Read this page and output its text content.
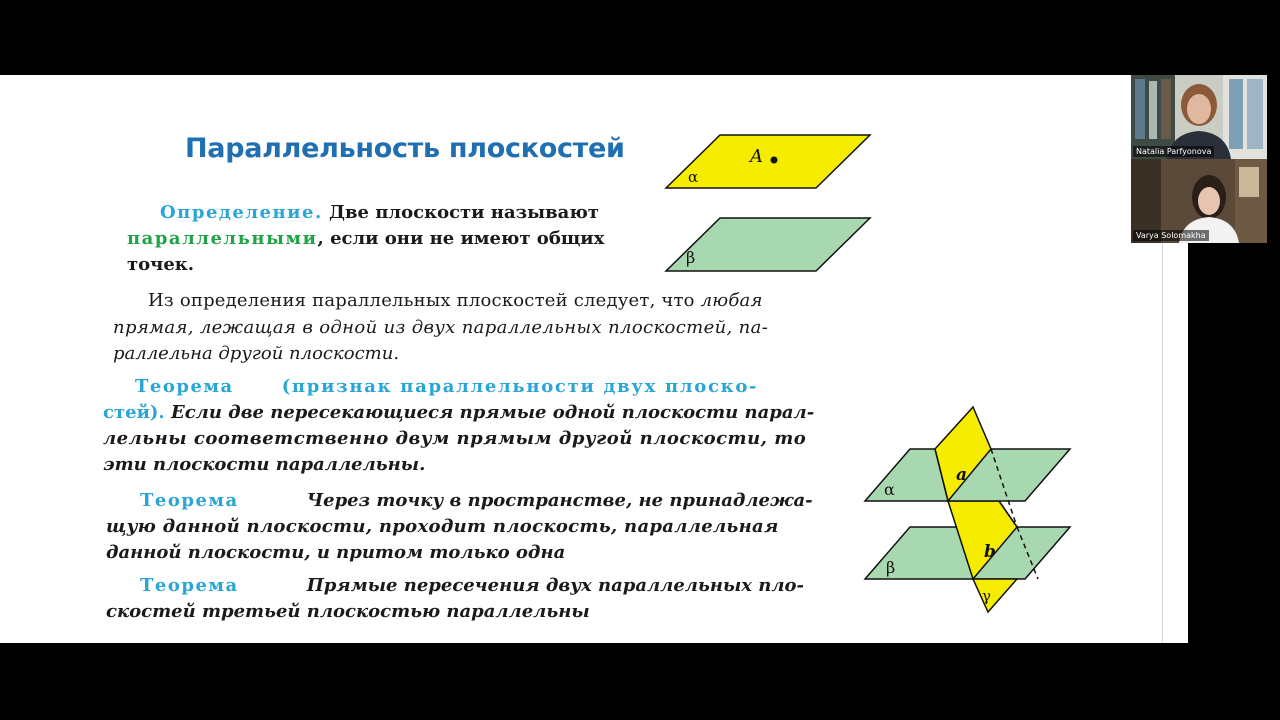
Параллельность плоскостей
Определение. Две плоскости называют
параллельными, если они не имеют общих
точек.
Из определения параллельных плоскостей следует, что любая
прямая, лежащая в одной из двух параллельных плоскостей, па-
раллельна другой плоскости.
Теорема	(признак параллельности двух плоско-
стей). Если две пересекающиеся прямые одной плоскости парал-
лельны соответственно двум прямым другой плоскости, то
эти плоскости параллельны.
Теорема	Через точку в пространстве, не принадлежа-
щую данной плоскости, проходит плоскость, параллельная
данной плоскости, и притом только одна
Теорема	Прямые пересечения двух параллельных пло-
скостей третьей плоскостью параллельны
A
α
β
α
β
γ
a
b
Natalia Parfyonova
Varya Solomakha
